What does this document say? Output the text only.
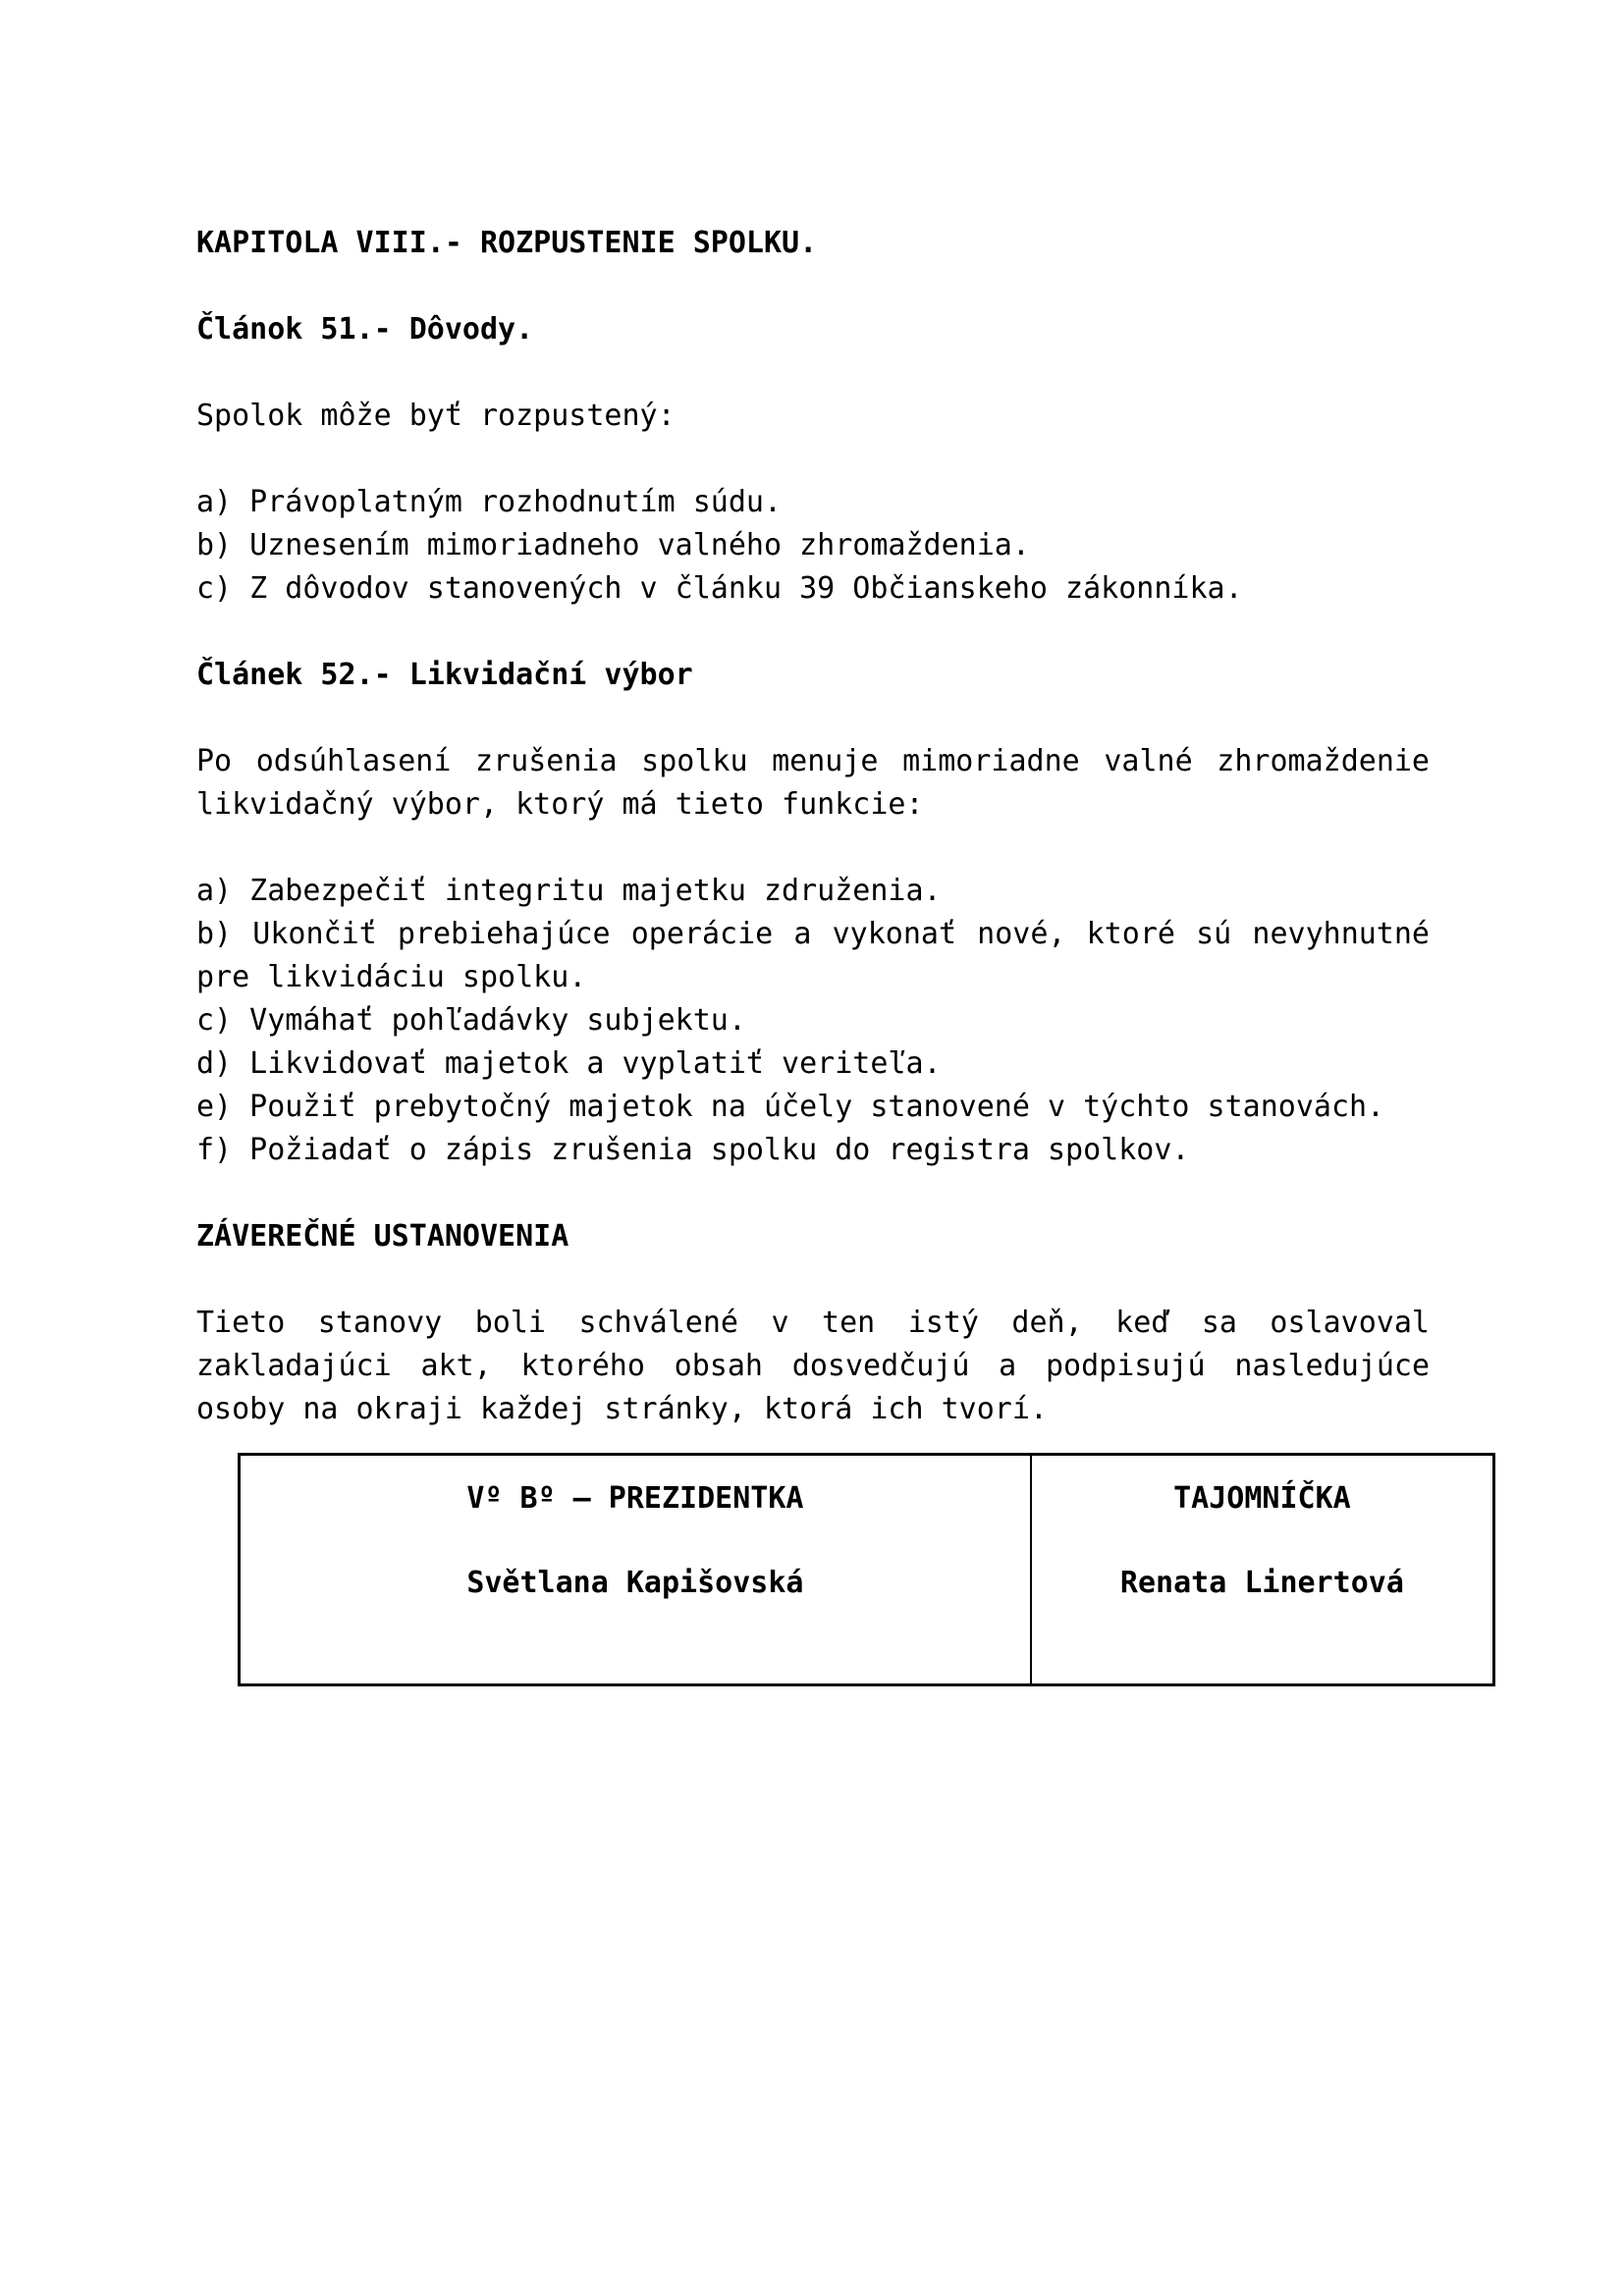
KAPITOLA VIII.- ROZPUSTENIE SPOLKU.
Článok 51.- Dôvody.
Spolok môže byť rozpustený:
a) Právoplatným rozhodnutím súdu.
b) Uznesením mimoriadneho valného zhromaždenia.
c) Z dôvodov stanovených v článku 39 Občianskeho zákonníka.
Článek 52.- Likvidační výbor
Po odsúhlasení zrušenia spolku menuje mimoriadne valné zhromaždenie
likvidačný výbor, ktorý má tieto funkcie:
a) Zabezpečiť integritu majetku združenia.
b) Ukončiť prebiehajúce operácie a vykonať nové, ktoré sú nevyhnutné
pre likvidáciu spolku.
c) Vymáhať pohľadávky subjektu.
d) Likvidovať majetok a vyplatiť veriteľa.
e) Použiť prebytočný majetok na účely stanovené v týchto stanovách.
f) Požiadať o zápis zrušenia spolku do registra spolkov.
ZÁVEREČNÉ USTANOVENIA
Tieto stanovy boli schválené v ten istý deň, keď sa oslavoval
zakladajúci akt, ktorého obsah dosvedčujú a podpisujú nasledujúce
osoby na okraji každej stránky, ktorá ich tvorí.
Vº Bº – PREZIDENTKA
Světlana Kapišovská
TAJOMNÍČKA
Renata Linertová
